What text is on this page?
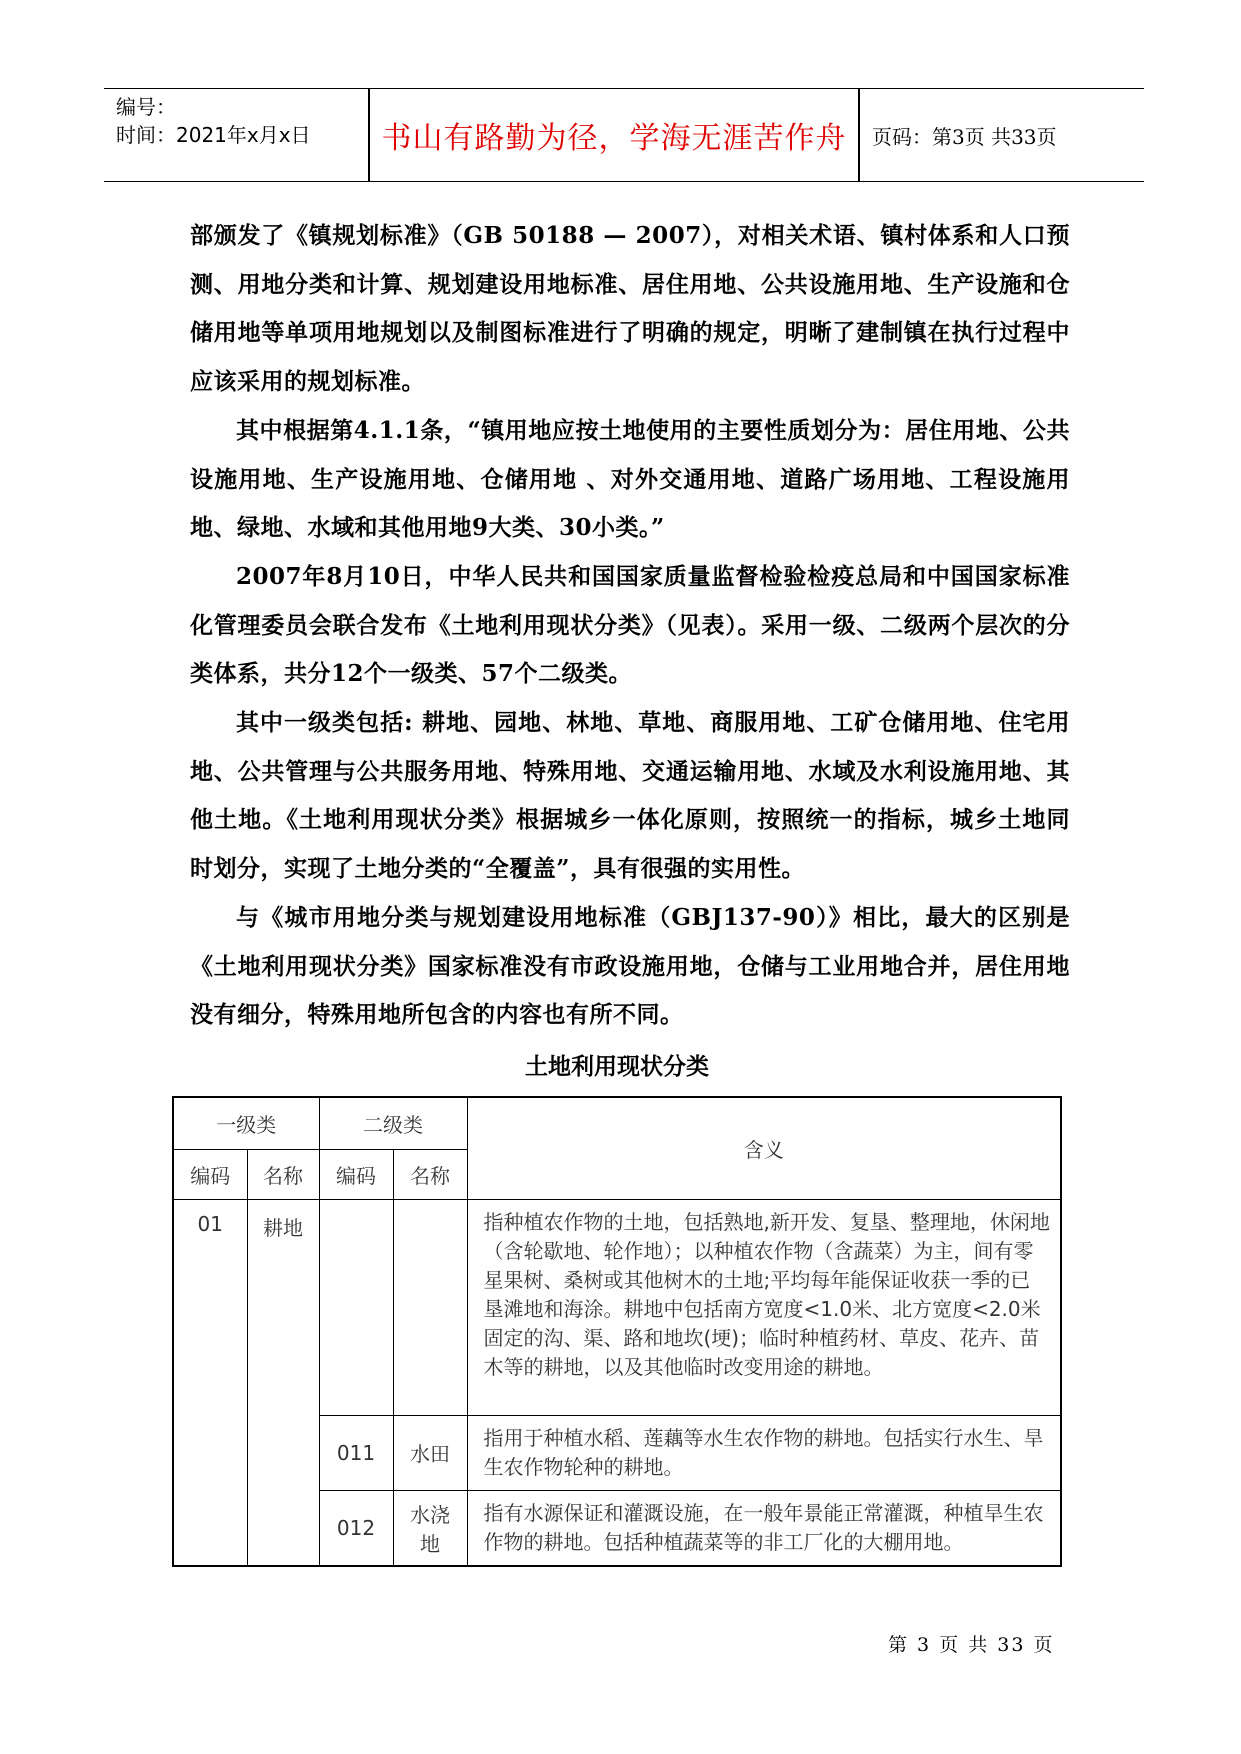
编号：
时间：2021年x月x日	书山有路勤为径，学海无涯苦作舟	页码：第3页 共33页

部颁发了《镇规划标准》（GB 50188 — 2007），对相关术语、镇村体系和人口预测、用地分类和计算、规划建设用地标准、居住用地、公共设施用地、生产设施和仓储用地等单项用地规划以及制图标准进行了明确的规定，明晰了建制镇在执行过程中应该采用的规划标准。

其中根据第4.1.1条，“镇用地应按土地使用的主要性质划分为：居住用地、公共设施用地、生产设施用地、仓储用地 、对外交通用地、道路广场用地、工程设施用地、绿地、水域和其他用地9大类、30小类。”

2007年8月10日，中华人民共和国国家质量监督检验检疫总局和中国国家标准化管理委员会联合发布《土地利用现状分类》（见表）。采用一级、二级两个层次的分类体系，共分12个一级类、57个二级类。

其中一级类包括: 耕地、园地、林地、草地、商服用地、工矿仓储用地、住宅用地、公共管理与公共服务用地、特殊用地、交通运输用地、水域及水利设施用地、其他土地。《土地利用现状分类》根据城乡一体化原则，按照统一的指标，城乡土地同时划分，实现了土地分类的“全覆盖”，具有很强的实用性。

与《城市用地分类与规划建设用地标准（GBJ137-90）》相比，最大的区别是《土地利用现状分类》国家标准没有市政设施用地，仓储与工业用地合并，居住用地没有细分，特殊用地所包含的内容也有所不同。

土地利用现状分类
一级类		二级类		含义
编码	名称	编码	名称	
01	耕地			指种植农作物的土地，包括熟地,新开发、复垦、整理地，休闲地（含轮歇地、轮作地）；以种植农作物（含蔬菜）为主，间有零星果树、桑树或其他树木的土地;平均每年能保证收获一季的已垦滩地和海涂。耕地中包括南方宽度<1.0米、北方宽度<2.0米固定的沟、渠、路和地坎(埂)；临时种植药材、草皮、花卉、苗木等的耕地，以及其他临时改变用途的耕地。
		011	水田	指用于种植水稻、莲藕等水生农作物的耕地。包括实行水生、旱生农作物轮种的耕地。
		012	水浇地	指有水源保证和灌溉设施，在一般年景能正常灌溉，种植旱生农作物的耕地。包括种植蔬菜等的非工厂化的大棚用地。
第 3 页 共 33 页
